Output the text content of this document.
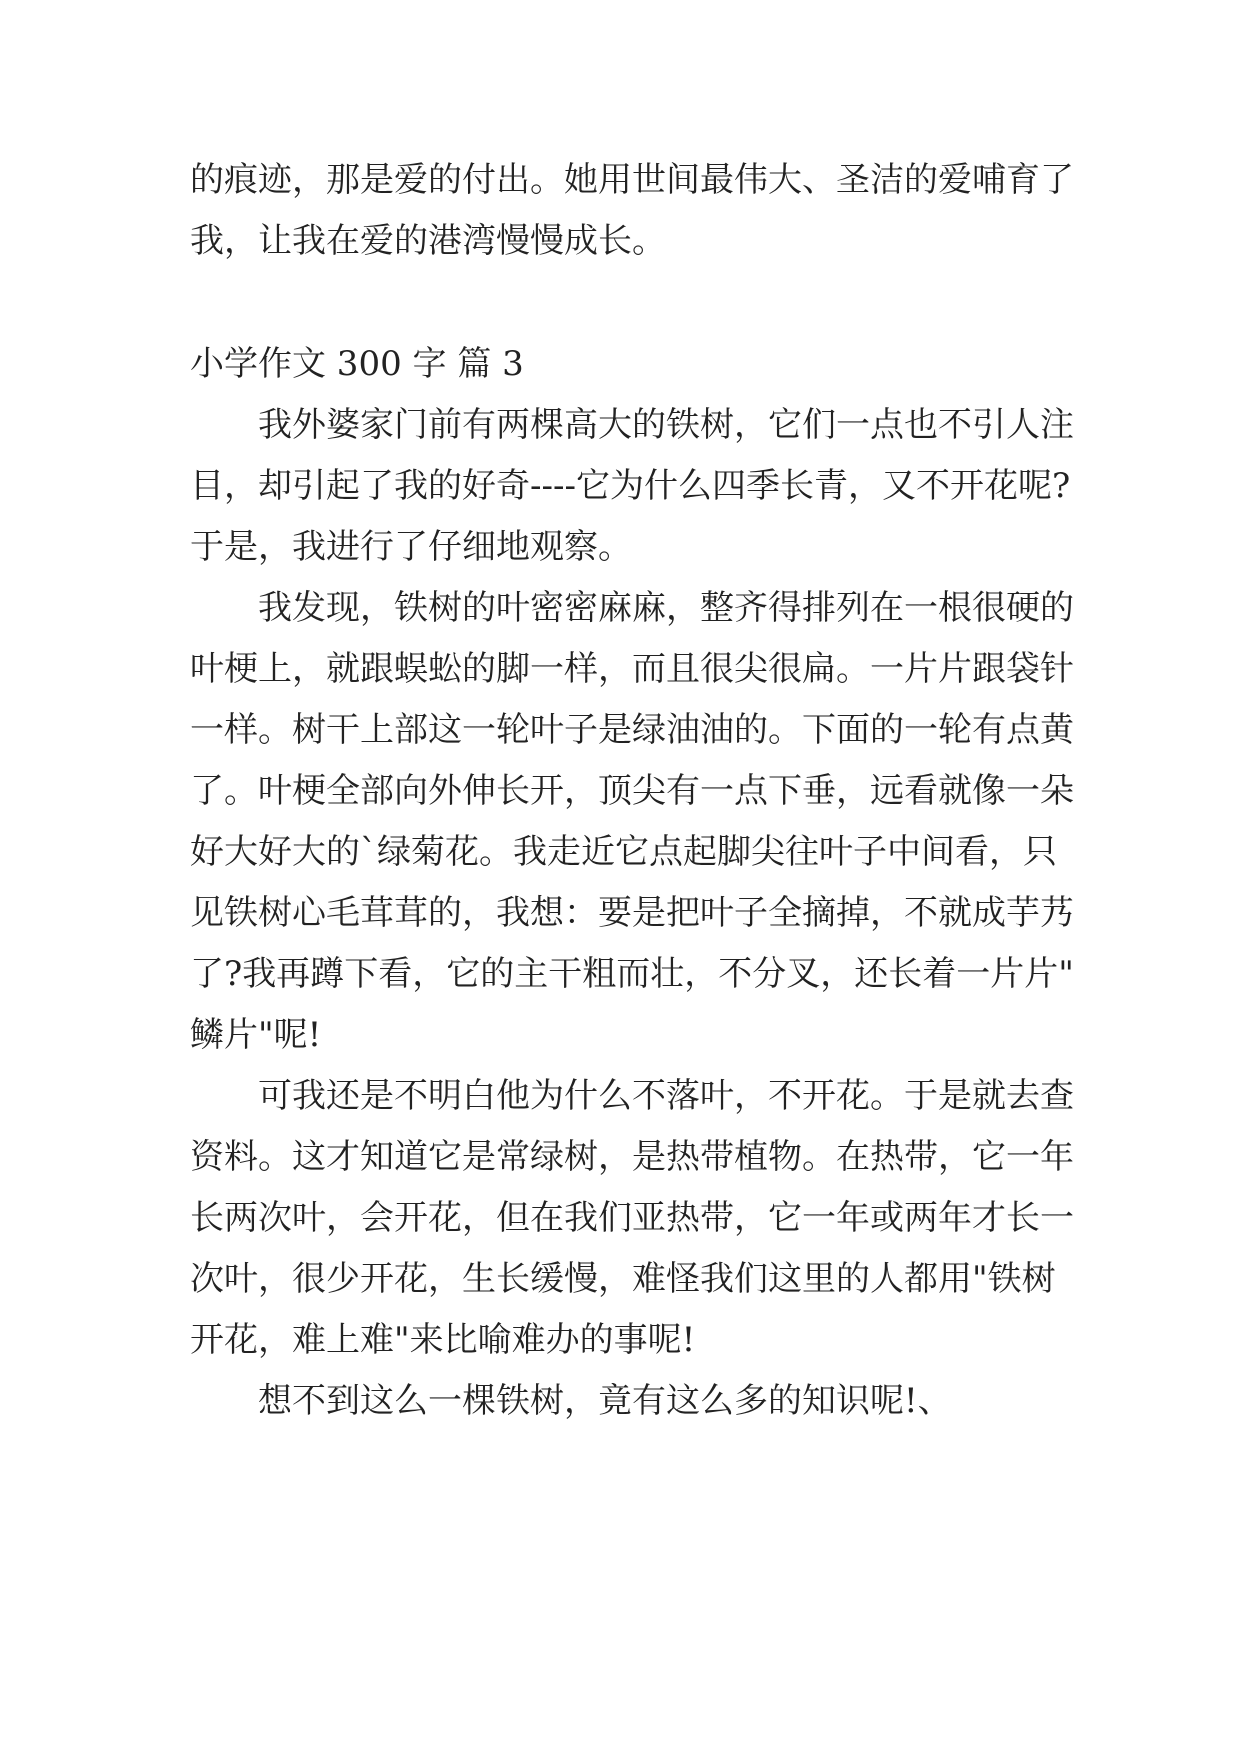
的痕迹，那是爱的付出。她用世间最伟大、圣洁的爱哺育了
我，让我在爱的港湾慢慢成长。
小学作文 300 字 篇 3
我外婆家门前有两棵高大的铁树，它们一点也不引人注
目，却引起了我的好奇----它为什么四季长青，又不开花呢?
于是，我进行了仔细地观察。
我发现，铁树的叶密密麻麻，整齐得排列在一根很硬的
叶梗上，就跟蜈蚣的脚一样，而且很尖很扁。一片片跟袋针
一样。树干上部这一轮叶子是绿油油的。下面的一轮有点黄
了。叶梗全部向外伸长开，顶尖有一点下垂，远看就像一朵
好大好大的`绿菊花。我走近它点起脚尖往叶子中间看，只
见铁树心毛茸茸的，我想：要是把叶子全摘掉，不就成芋艿
了?我再蹲下看，它的主干粗而壮，不分叉，还长着一片片"
鳞片"呢!
可我还是不明白他为什么不落叶，不开花。于是就去查
资料。这才知道它是常绿树，是热带植物。在热带，它一年
长两次叶，会开花，但在我们亚热带，它一年或两年才长一
次叶，很少开花，生长缓慢，难怪我们这里的人都用"铁树
开花，难上难"来比喻难办的事呢!
想不到这么一棵铁树，竟有这么多的知识呢!、
